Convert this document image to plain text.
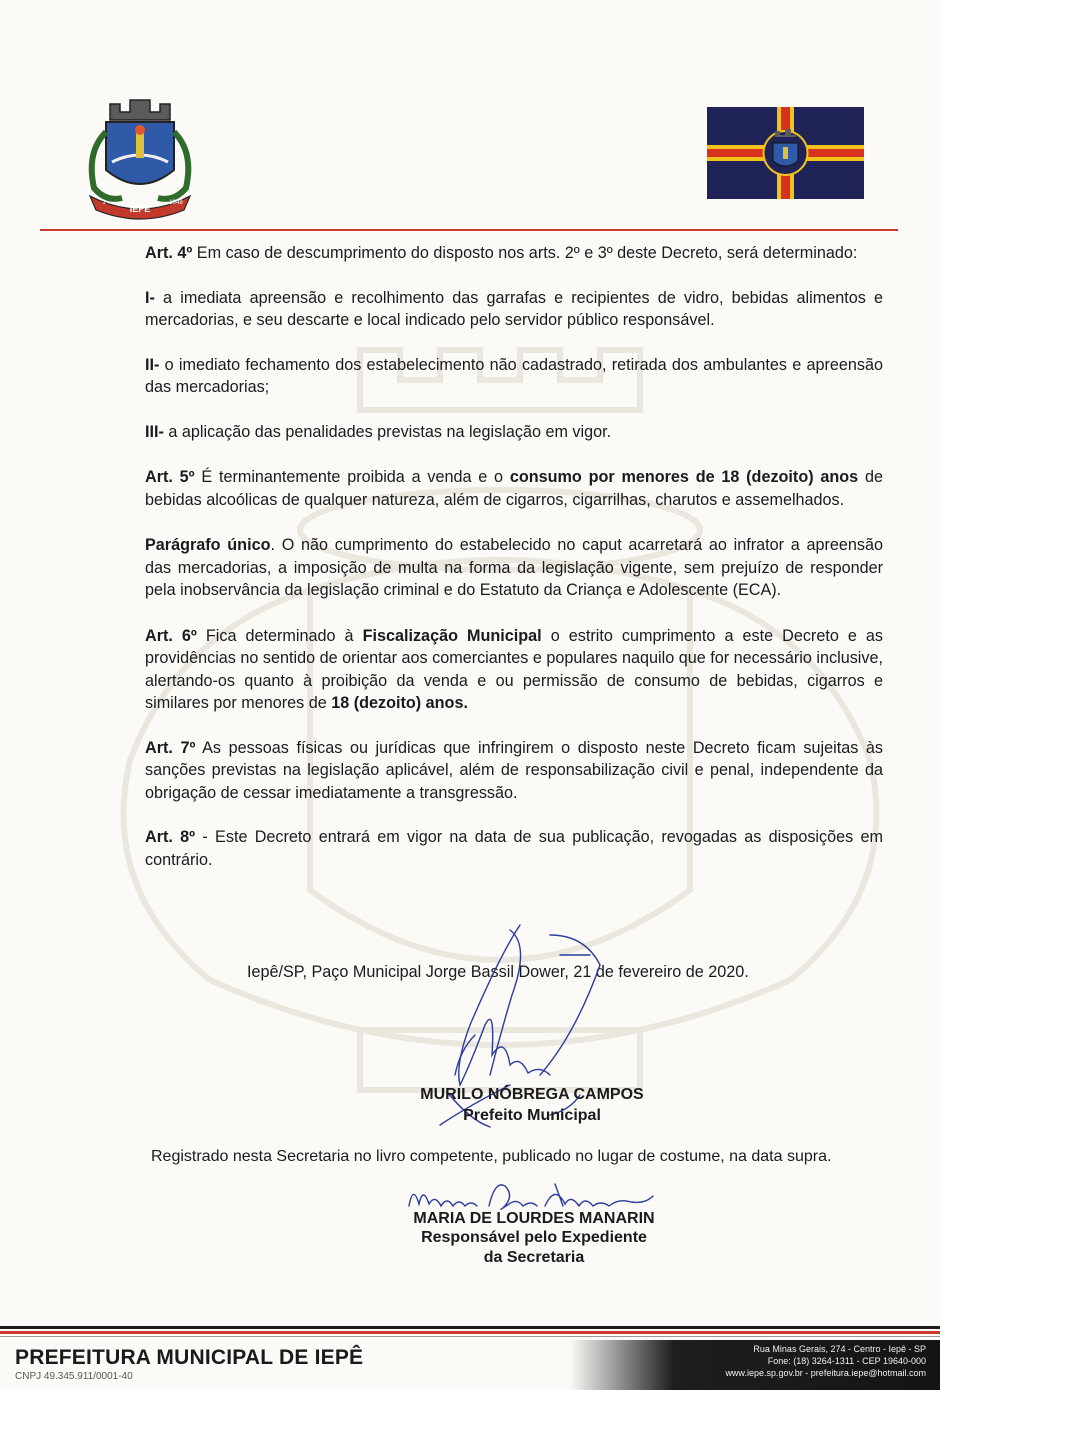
IEPÊ
1	1948

Art. 4º Em caso de descumprimento do disposto nos arts. 2º e 3º deste Decreto, será determinado:

I- a imediata apreensão e recolhimento das garrafas e recipientes de vidro, bebidas alimentos e mercadorias, e seu descarte e local indicado pelo servidor público responsável.

II- o imediato fechamento dos estabelecimento não cadastrado, retirada dos ambulantes e apreensão das mercadorias;

III- a aplicação das penalidades previstas na legislação em vigor.

Art. 5º É terminantemente proibida a venda e o consumo por menores de 18 (dezoito) anos de bebidas alcoólicas de qualquer natureza, além de cigarros, cigarrilhas, charutos e assemelhados.

Parágrafo único. O não cumprimento do estabelecido no caput acarretará ao infrator a apreensão das mercadorias, a imposição de multa na forma da legislação vigente, sem prejuízo de responder pela inobservância da legislação criminal e do Estatuto da Criança e Adolescente (ECA).

Art. 6º Fica determinado à Fiscalização Municipal o estrito cumprimento a este Decreto e as providências no sentido de orientar aos comerciantes e populares naquilo que for necessário inclusive, alertando-os quanto à proibição da venda e ou permissão de consumo de bebidas, cigarros e similares por menores de 18 (dezoito) anos.

Art. 7º As pessoas físicas ou jurídicas que infringirem o disposto neste Decreto ficam sujeitas às sanções previstas na legislação aplicável, além de responsabilização civil e penal, independente da obrigação de cessar imediatamente a transgressão.

Art. 8º - Este Decreto entrará em vigor na data de sua publicação, revogadas as disposições em contrário.

Iepê/SP, Paço Municipal Jorge Bassil Dower, 21 de fevereiro de 2020.
MURILO NÓBREGA CAMPOS
Prefeito Municipal
Registrado nesta Secretaria no livro competente, publicado no lugar de costume, na data supra.
MARIA DE LOURDES MANARIN
Responsável pelo Expediente
da Secretaria
PREFEITURA MUNICIPAL DE IEPÊ
CNPJ 49.345.911/0001-40
Rua Minas Gerais, 274 - Centro - Iepê - SP
Fone: (18) 3264-1311 - CEP 19640-000
www.iepe.sp.gov.br - prefeitura.iepe@hotmail.com
